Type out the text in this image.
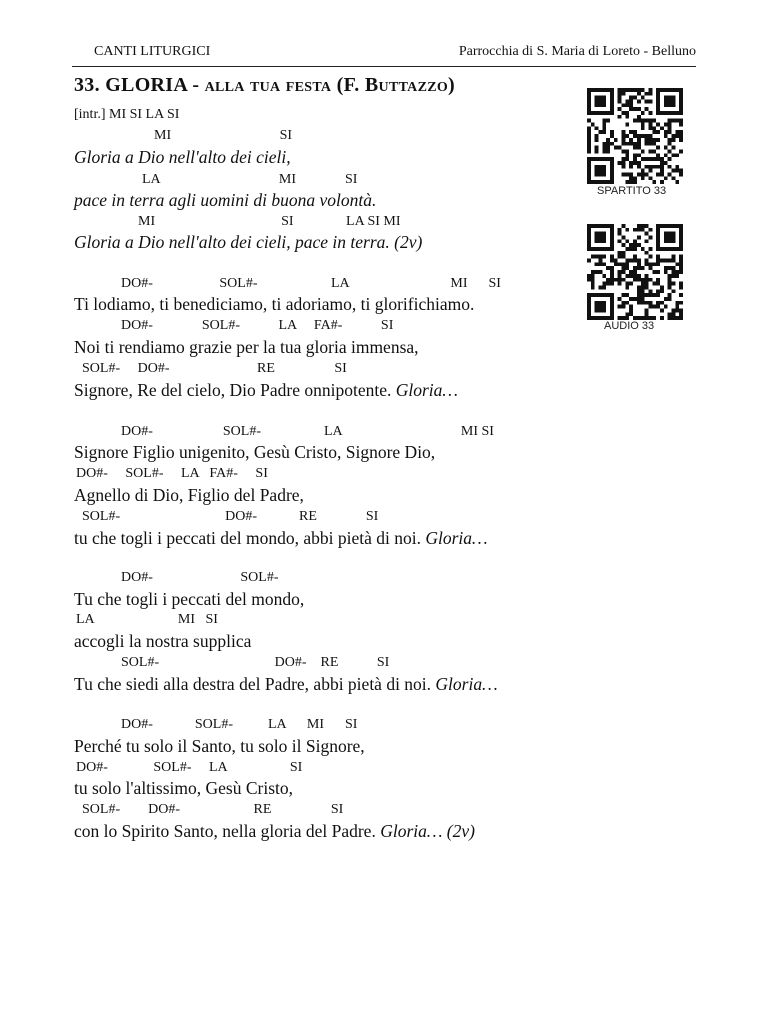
CANTI LITURGICI	Parrocchia di S. Maria di Loreto - Belluno
33. GLORIA - alla tua festa (F. Buttazzo)
[intr.] MI SI LA SI
MI                               SI
Gloria a Dio nell'alto dei cieli,
LA                                  MI              SI
pace in terra agli uomini di buona volontà.
MI                                    SI               LA SI MI
Gloria a Dio nell'alto dei cieli, pace in terra. (2v)
DO#-                   SOL#-                     LA                             MI      SI
Ti lodiamo, ti benediciamo, ti adoriamo, ti glorifichiamo.
DO#-              SOL#-           LA     FA#-           SI
Noi ti rendiamo grazie per la tua gloria immensa,
SOL#-     DO#-                         RE                 SI
Signore, Re del cielo, Dio Padre onnipotente. Gloria…
DO#-                    SOL#-                  LA                                  MI SI
Signore Figlio unigenito, Gesù Cristo, Signore Dio,
DO#-     SOL#-     LA   FA#-     SI
Agnello di Dio, Figlio del Padre,
SOL#-                              DO#-            RE              SI
tu che togli i peccati del mondo, abbi pietà di noi. Gloria…
DO#-                         SOL#-
Tu che togli i peccati del mondo,
LA                        MI   SI
accogli la nostra supplica
SOL#-                                 DO#-    RE           SI
Tu che siedi alla destra del Padre, abbi pietà di noi. Gloria…
DO#-            SOL#-          LA      MI      SI
Perché tu solo il Santo, tu solo il Signore,
DO#-             SOL#-     LA                  SI
tu solo l'altissimo, Gesù Cristo,
SOL#-        DO#-                     RE                 SI
con lo Spirito Santo, nella gloria del Padre. Gloria… (2v)
SPARTITO 33
AUDIO 33
